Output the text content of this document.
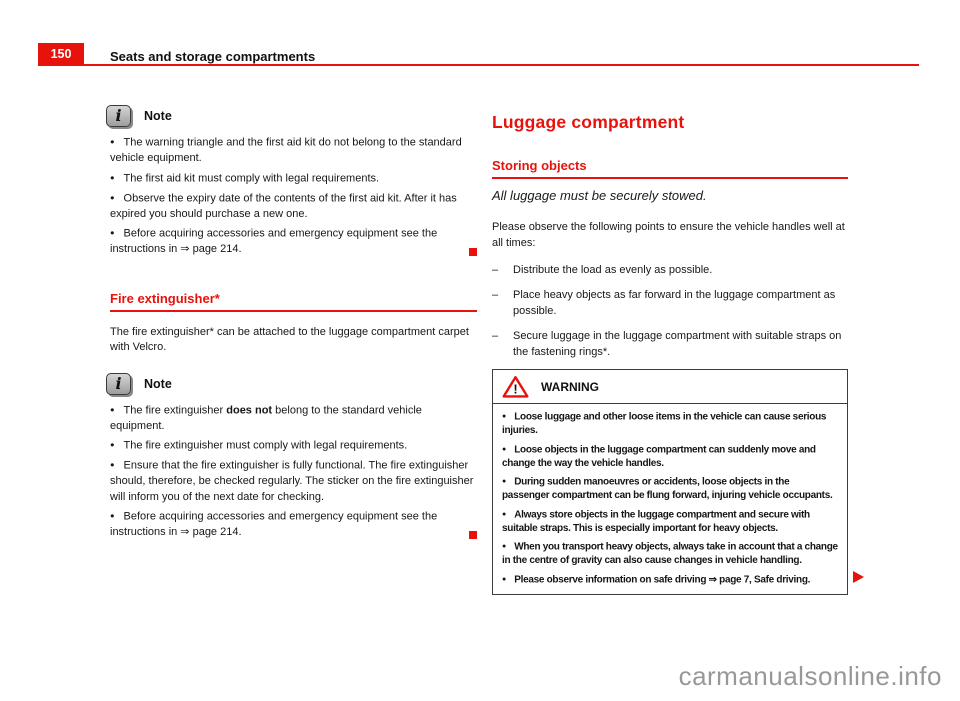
150	Seats and storage compartments
i	Note
● The warning triangle and the first aid kit do not belong to the standard vehicle equipment.
● The first aid kit must comply with legal requirements.
● Observe the expiry date of the contents of the first aid kit. After it has expired you should purchase a new one.
● Before acquiring accessories and emergency equipment see the instructions in ⇒ page 214.
Fire extinguisher*
The fire extinguisher* can be attached to the luggage compartment carpet with Velcro.
i	Note
● The fire extinguisher does not belong to the standard vehicle equipment.
● The fire extinguisher must comply with legal requirements.
● Ensure that the fire extinguisher is fully functional. The fire extinguisher should, therefore, be checked regularly. The sticker on the fire extinguisher will inform you of the next date for checking.
● Before acquiring accessories and emergency equipment see the instructions in ⇒ page 214.
Luggage compartment
Storing objects
All luggage must be securely stowed.
Please observe the following points to ensure the vehicle handles well at all times:
–	Distribute the load as evenly as possible.
–	Place heavy objects as far forward in the luggage compartment as possible.
–	Secure luggage in the luggage compartment with suitable straps on the fastening rings*.
! WARNING
● Loose luggage and other loose items in the vehicle can cause serious injuries.
● Loose objects in the luggage compartment can suddenly move and change the way the vehicle handles.
● During sudden manoeuvres or accidents, loose objects in the passenger compartment can be flung forward, injuring vehicle occupants.
● Always store objects in the luggage compartment and secure with suitable straps. This is especially important for heavy objects.
● When you transport heavy objects, always take in account that a change in the centre of gravity can also cause changes in vehicle handling.
● Please observe information on safe driving ⇒ page 7, Safe driving.
carmanualsonline.info
